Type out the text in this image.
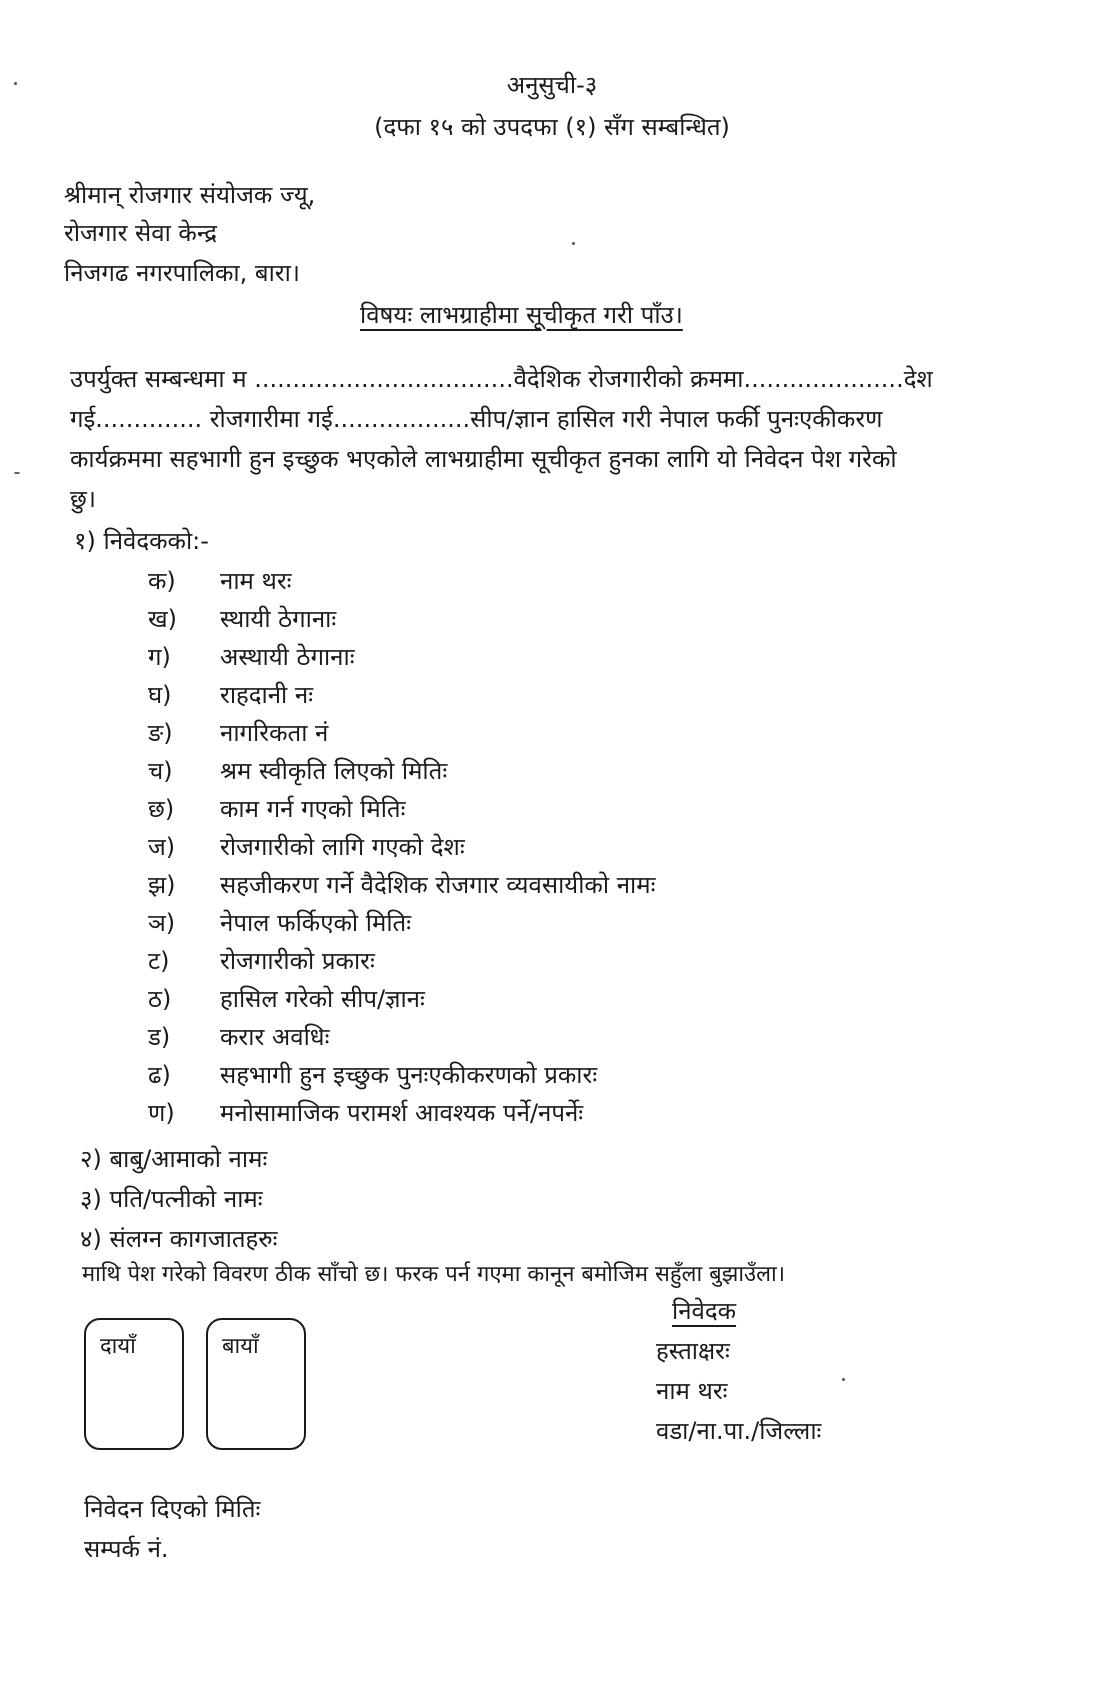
अनुसुची-३
(दफा १५ को उपदफा (१) सँग सम्बन्धित)
श्रीमान् रोजगार संयोजक ज्यू,
रोजगार सेवा केन्द्र
निजगढ नगरपालिका, बारा।
विषयः लाभग्राहीमा सूचीकृत गरी पाँउ।
उपर्युक्त सम्बन्धमा म ..................................वैदेशिक रोजगारीको क्रममा.....................देश
गई.............. रोजगारीमा गई..................सीप/ज्ञान हासिल गरी नेपाल फर्की पुनःएकीकरण
कार्यक्रममा सहभागी हुन इच्छुक भएकोले लाभग्राहीमा सूचीकृत हुनका लागि यो निवेदन पेश गरेको
छु।
१) निवेदकको:-
क)	नाम थरः
ख)	स्थायी ठेगानाः
ग)	अस्थायी ठेगानाः
घ)	राहदानी नः
ङ)	नागरिकता नं
च)	श्रम स्वीकृति लिएको मितिः
छ)	काम गर्न गएको मितिः
ज)	रोजगारीको लागि गएको देशः
झ)	सहजीकरण गर्ने वैदेशिक रोजगार व्यवसायीको नामः
ञ)	नेपाल फर्किएको मितिः
ट)	रोजगारीको प्रकारः
ठ)	हासिल गरेको सीप/ज्ञानः
ड)	करार अवधिः
ढ)	सहभागी हुन इच्छुक पुनःएकीकरणको प्रकारः
ण)	मनोसामाजिक परामर्श आवश्यक पर्ने/नपर्नेः
२) बाबु/आमाको नामः
३) पति/पत्नीको नामः
४) संलग्न कागजातहरुः
माथि पेश गरेको विवरण ठीक साँचो छ। फरक पर्न गएमा कानून बमोजिम सहुँला बुझाउँला।
दायाँ	बायाँ
निवेदक
हस्ताक्षरः
नाम थरः
वडा/ना.पा./जिल्लाः
निवेदन दिएको मितिः
सम्पर्क नं.
